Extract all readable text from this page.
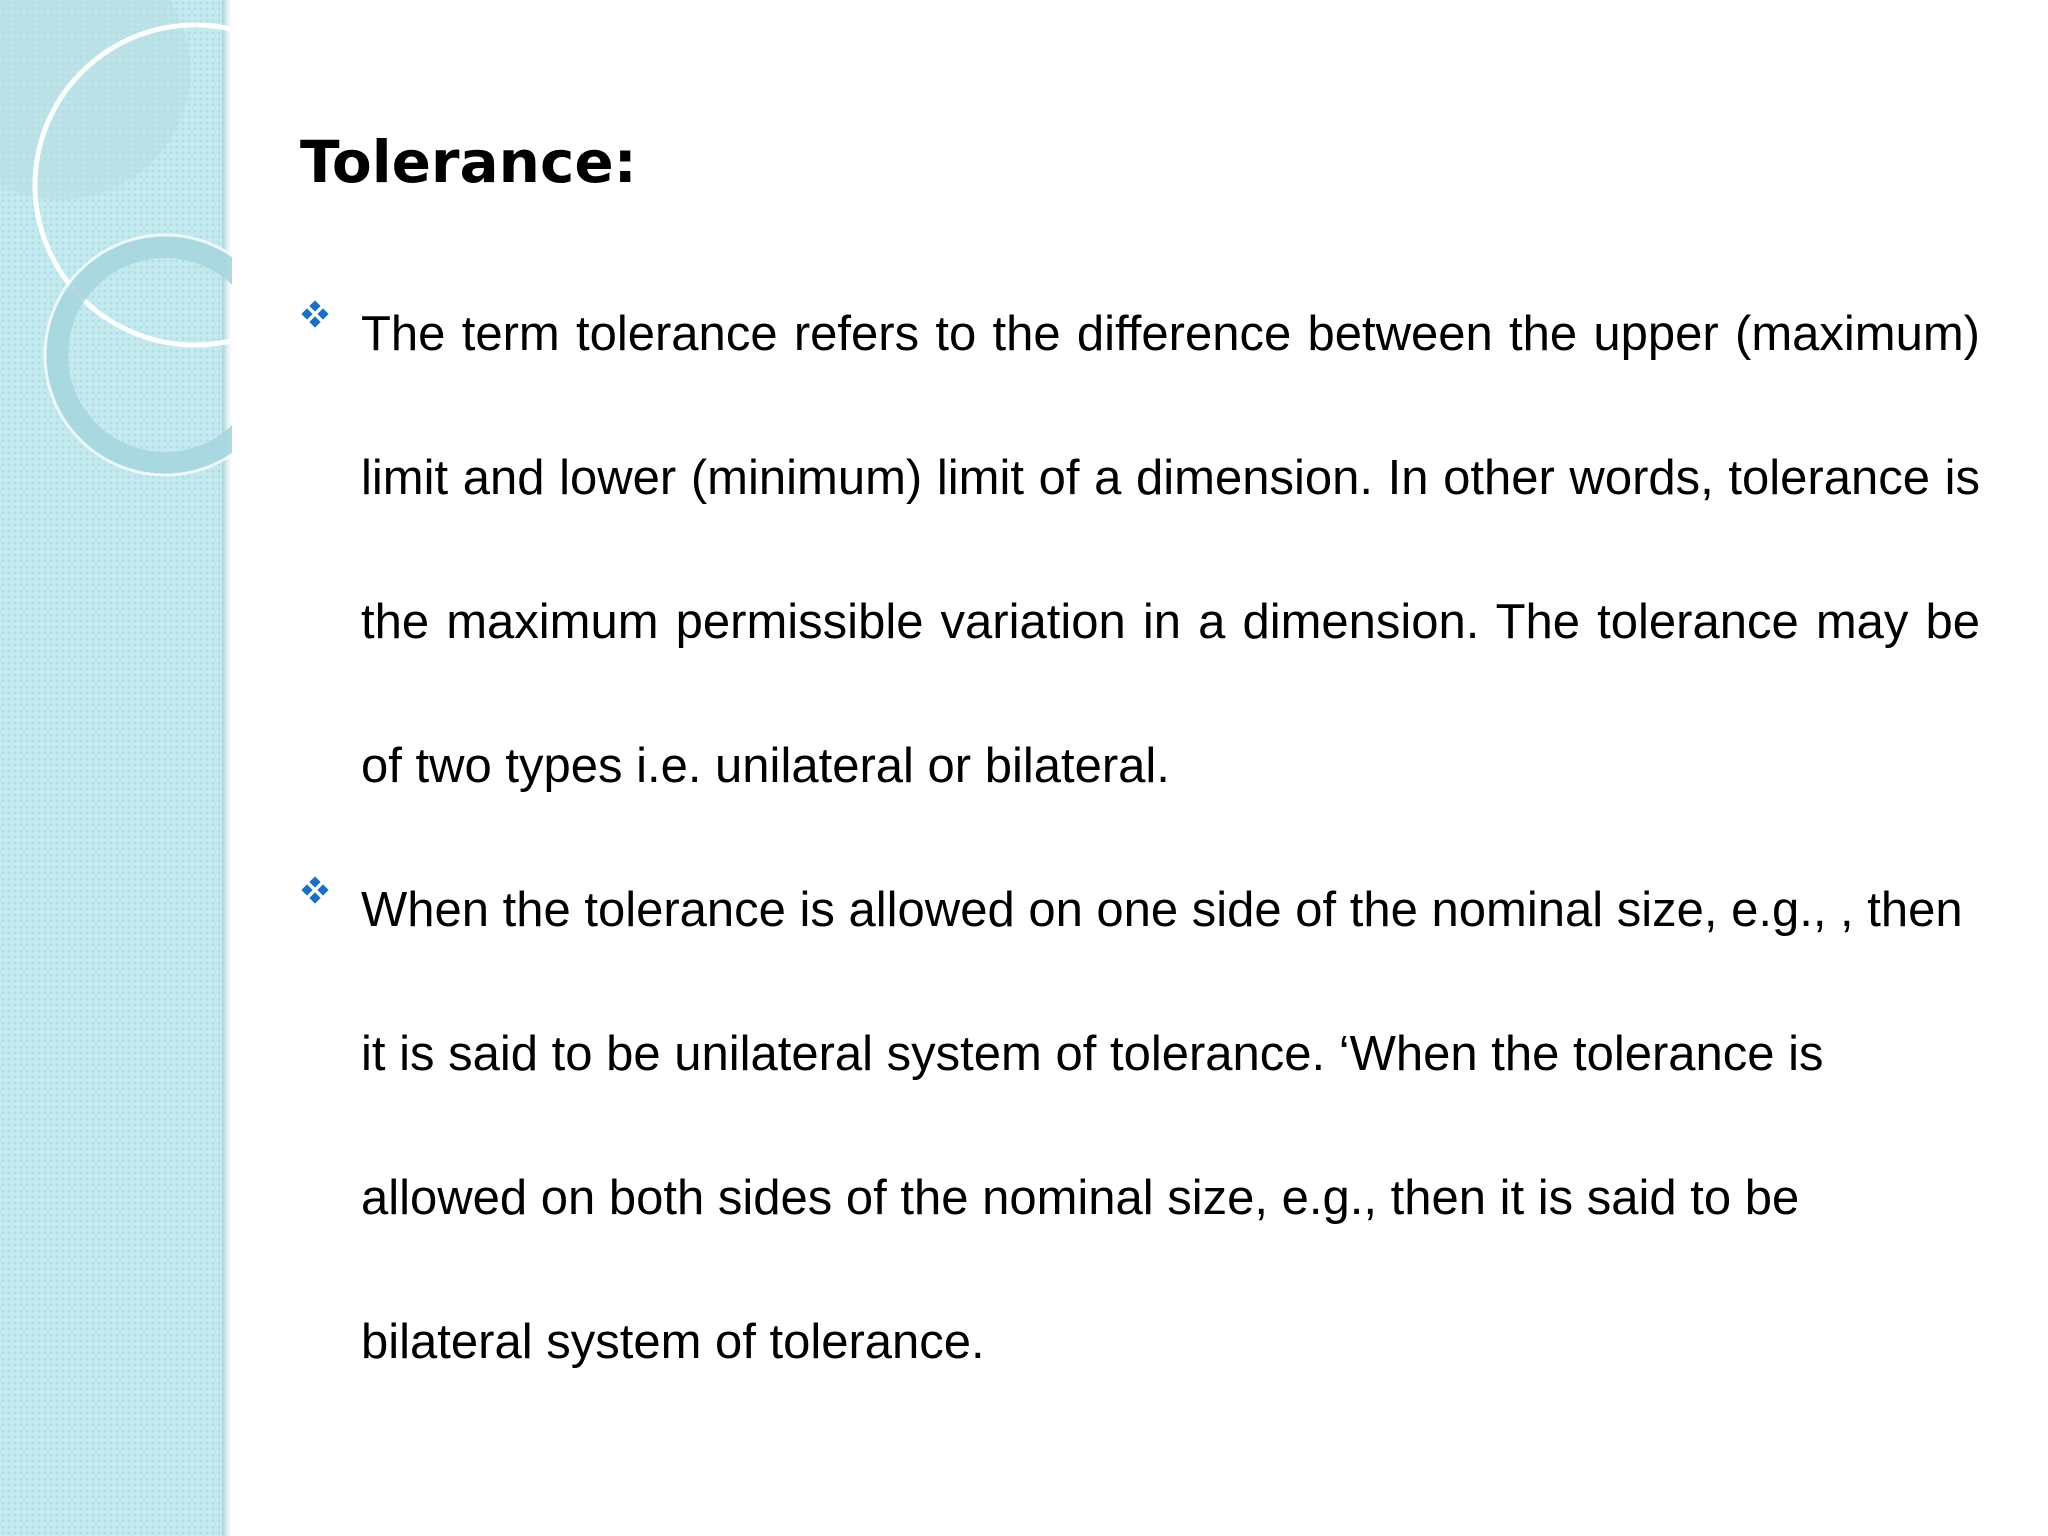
Tolerance:
The term tolerance refers to the difference between the upper (maximum) limit and lower (minimum) limit of a dimension. In other words, tolerance is the maximum permissible variation in a dimension. The tolerance may be of two types i.e. unilateral or bilateral.
When the tolerance is allowed on one side of the nominal size, e.g., , then it is said to be unilateral system of tolerance. ‘When the tolerance is allowed on both sides of the nominal size, e.g., then it is said to be bilateral system of tolerance.
